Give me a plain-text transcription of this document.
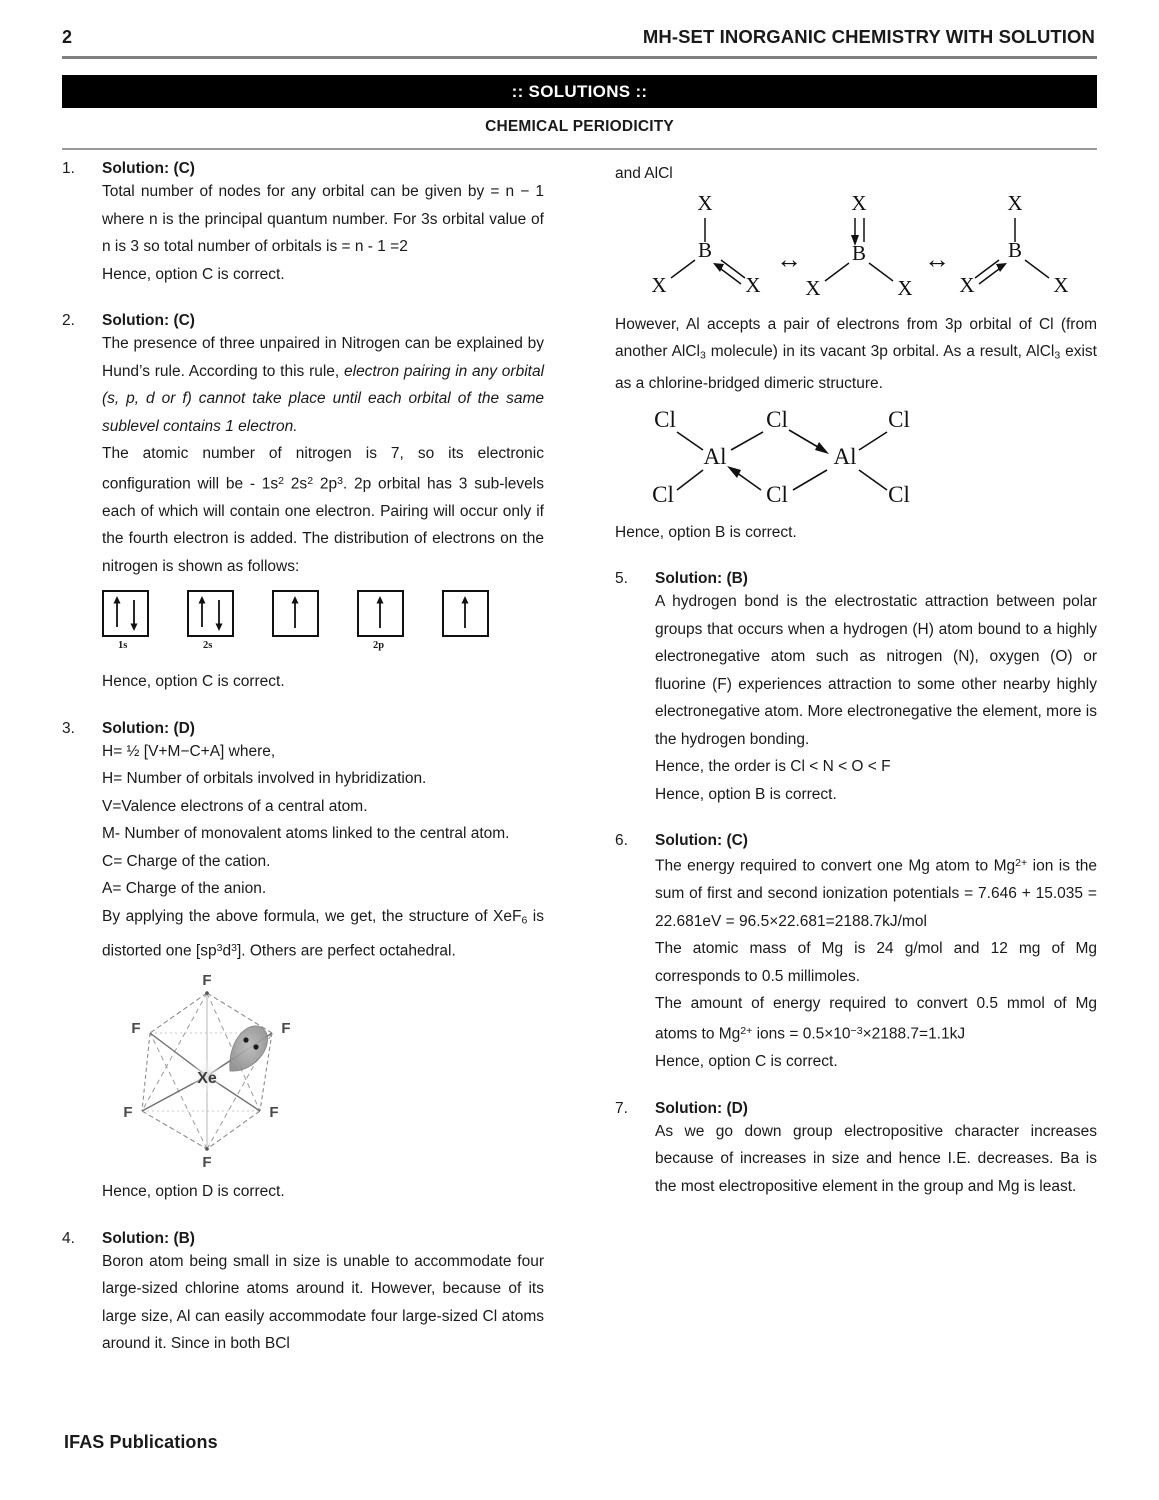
2	MH-SET INORGANIC CHEMISTRY WITH SOLUTION
:: SOLUTIONS ::
CHEMICAL PERIODICITY
1.	Solution: (C)

Total number of nodes for any orbital can be given by = n − 1 where n is the principal quantum number. For 3s orbital value of n is 3 so total number of orbitals is = n - 1 =2

Hence, option C is correct.

2.	Solution: (C)

The presence of three unpaired in Nitrogen can be explained by Hund’s rule. According to this rule, electron pairing in any orbital (s, p, d or f) cannot take place until each orbital of the same sublevel contains 1 electron.

The atomic number of nitrogen is 7, so its electronic configuration will be - $1s^2$ $2s^2$ $2p^3$. 2p orbital has 3 sub-levels each of which will contain one electron. Pairing will occur only if the fourth electron is added. The distribution of electrons on the nitrogen is shown as follows:

1s	2s	2p

Hence, option C is correct.

3.	Solution: (D)

H= ½ [V+M−C+A] where,

H= Number of orbitals involved in hybridization.

V=Valence electrons of a central atom.

M- Number of monovalent atoms linked to the central atom.

C= Charge of the cation.

A= Charge of the anion.

By applying the above formula, we get, the structure of XeF$_6$ is distorted one $[sp^3d^3]$. Others are perfect octahedral.

F
F	F
F	F
F
Xe

Hence, option D is correct.

4.	Solution: (B)

Boron atom being small in size is unable to accommodate four large-sized chlorine atoms around it. However, because of its large size, Al can easily accommodate four large-sized Cl atoms around it. Since in both BCl

and AlCl

X
B
X	X
↔
X
B
X	X
↔
X
B
X	X

However, Al accepts a pair of electrons from 3p orbital of Cl (from another AlCl$_3$ molecule) in its vacant 3p orbital. As a result, AlCl$_3$ exist as a chlorine-bridged dimeric structure.

Al	Al
Cl
Cl
Cl
Cl
Cl
Cl

Hence, option B is correct.

5.	Solution: (B)

A hydrogen bond is the electrostatic attraction between polar groups that occurs when a hydrogen (H) atom bound to a highly electronegative atom such as nitrogen (N), oxygen (O) or fluorine (F) experiences attraction to some other nearby highly electronegative atom. More electronegative the element, more is the hydrogen bonding.

Hence, the order is Cl < N < O < F

Hence, option B is correct.

6.	Solution: (C)

The energy required to convert one Mg atom to $Mg^{2+}$ ion is the sum of first and second ionization potentials = 7.646 + 15.035 = 22.681eV = 96.5×22.681=2188.7kJ/mol

The atomic mass of Mg is 24 g/mol and 12 mg of Mg corresponds to 0.5 millimoles.

The amount of energy required to convert 0.5 mmol of Mg atoms to $Mg^{2+}$ ions = $0.5\times 10^{-3}\times 2188.7=1.1kJ$

Hence, option C is correct.

7.	Solution: (D)

As we go down group electropositive character increases because of increases in size and hence I.E. decreases. Ba is the most electropositive element in the group and Mg is least.

IFAS Publications
